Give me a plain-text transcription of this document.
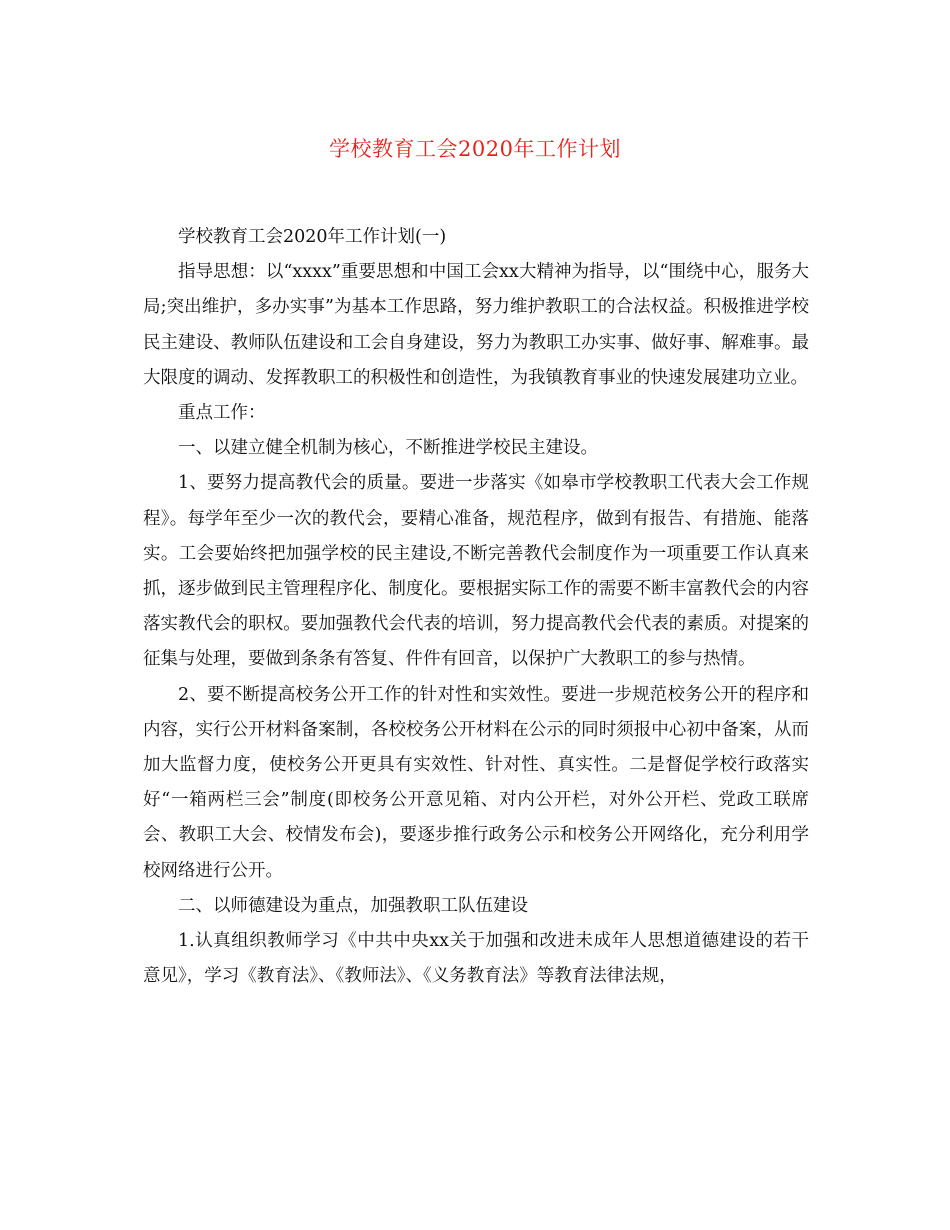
学校教育工会2020年工作计划

学校教育工会2020年工作计划(一)

指导思想：以“xxxx”重要思想和中国工会xx大精神为指导，以“围绕中心，服务大局;突出维护，多办实事”为基本工作思路，努力维护教职工的合法权益。积极推进学校民主建设、教师队伍建设和工会自身建设，努力为教职工办实事、做好事、解难事。最大限度的调动、发挥教职工的积极性和创造性，为我镇教育事业的快速发展建功立业。

重点工作：

一、以建立健全机制为核心，不断推进学校民主建设。

1、要努力提高教代会的质量。要进一步落实《如皋市学校教职工代表大会工作规程》。每学年至少一次的教代会，要精心准备，规范程序，做到有报告、有措施、能落实。工会要始终把加强学校的民主建设,不断完善教代会制度作为一项重要工作认真来抓，逐步做到民主管理程序化、制度化。要根据实际工作的需要不断丰富教代会的内容落实教代会的职权。要加强教代会代表的培训，努力提高教代会代表的素质。对提案的征集与处理，要做到条条有答复、件件有回音，以保护广大教职工的参与热情。

2、要不断提高校务公开工作的针对性和实效性。要进一步规范校务公开的程序和内容，实行公开材料备案制，各校校务公开材料在公示的同时须报中心初中备案，从而加大监督力度，使校务公开更具有实效性、针对性、真实性。二是督促学校行政落实好“一箱两栏三会”制度(即校务公开意见箱、对内公开栏，对外公开栏、党政工联席会、教职工大会、校情发布会)，要逐步推行政务公示和校务公开网络化，充分利用学校网络进行公开。

二、以师德建设为重点，加强教职工队伍建设

1.认真组织教师学习《中共中央xx关于加强和改进未成年人思想道德建设的若干意见》，学习《教育法》、《教师法》、《义务教育法》等教育法律法规，
